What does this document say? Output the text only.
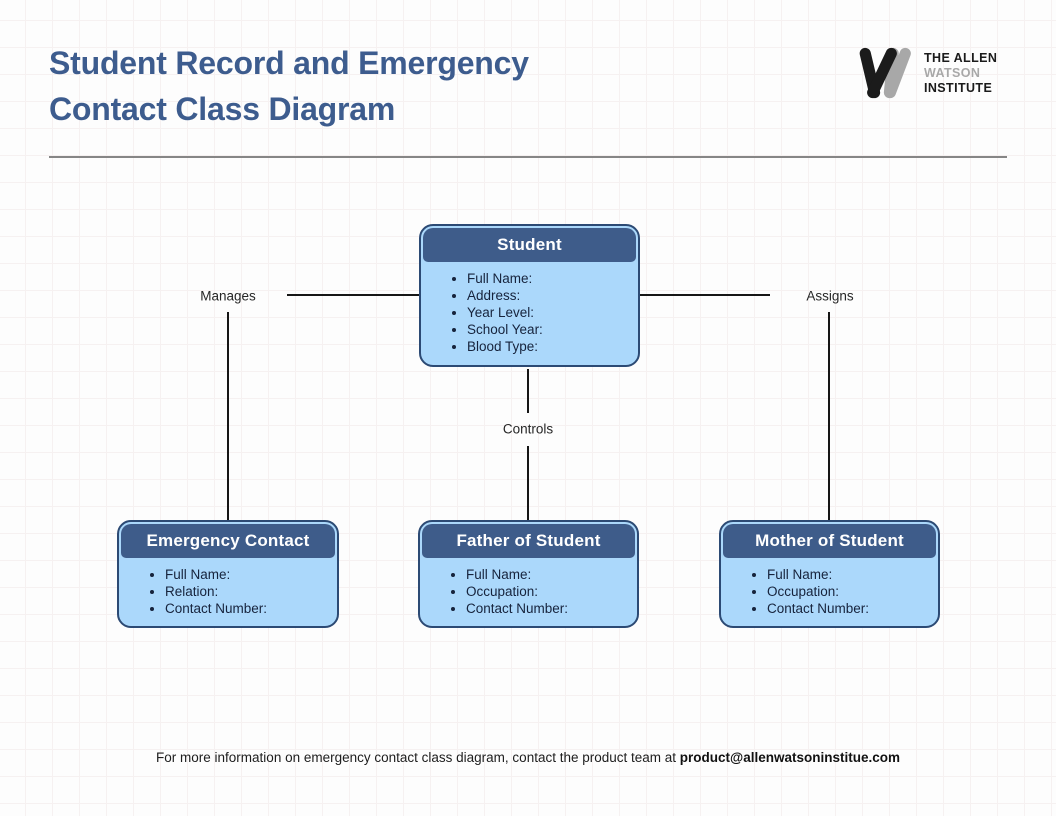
Student Record and Emergency
Contact Class Diagram
THE ALLEN
WATSON
INSTITUTE
Student
• Full Name:
• Address:
• Year Level:
• School Year:
• Blood Type:
Manages	Assigns
Controls
Emergency Contact
• Full Name:
• Relation:
• Contact Number:
Father of Student
• Full Name:
• Occupation:
• Contact Number:
Mother of Student
• Full Name:
• Occupation:
• Contact Number:

For more information on emergency contact class diagram, contact the product team at product@allenwatsoninstitue.com
